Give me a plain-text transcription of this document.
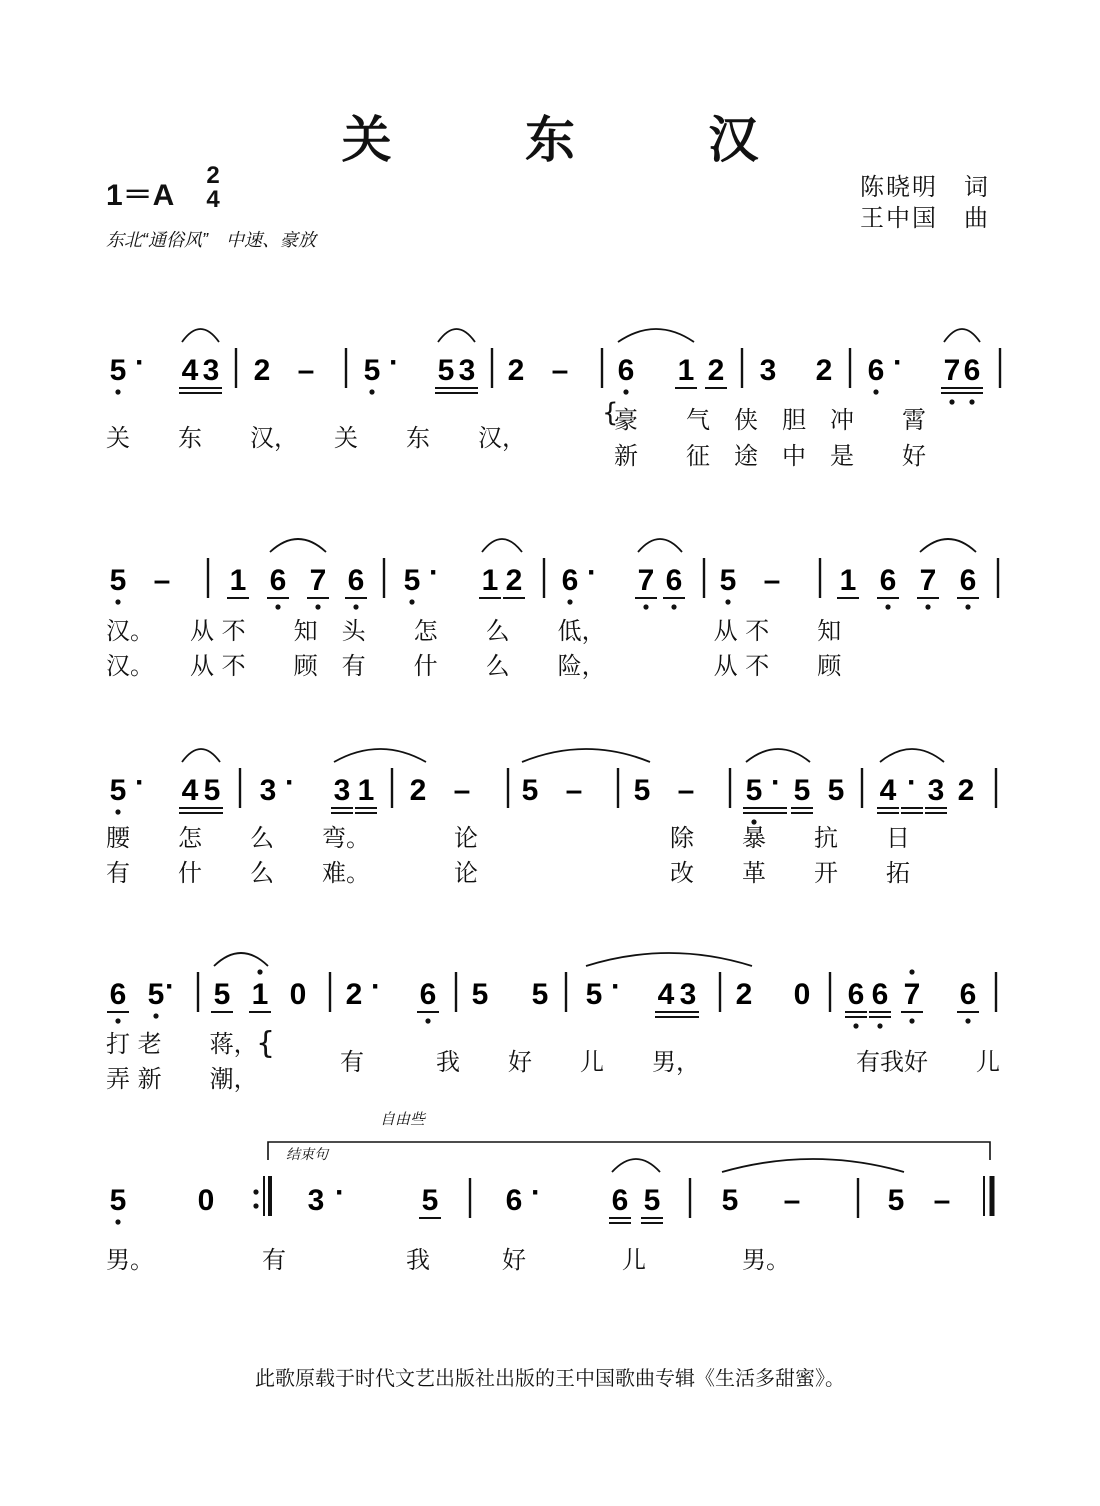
关 东 汉
1＝A
2
4
东北“通俗风”　中速、豪放
陈晓明　词
王中国　曲
5 · 4 3 2 – 5 · 5 3 2 – 6 1 2 3 2 6 · 7 6
5 – 1 6 7 6 5 · 1 2 6 · 7 6 5 – 1 6 7 6
5 · 4 5 3 · 3 1 2 – 5 – 5 – 5 · 5 5 4 · 3 2
6 5 · 5 1 0 2 · 6 5 5 5 · 4 3 2 0 6 6 7 6
5 0	3 ·	5 6 · 6 5 5 –	5 –
关　　东　　汉，　　关　　东　　汉，
{
豪　　气　侠　胆　冲　　霄
新　　征　途　中　是　　好
汉。　　从 不　　知　头　　怎　　么　　低，　　　　　从 不　　知
汉。　　从 不　　顾　有　　什　　么　　险，　　　　　从 不　　顾
腰　　怎　　么　　弯。　　　　论　　　　　　　　除　　暴　　抗　　日
有　　什　　么　　难。　　　　论　　　　　　　　改　　革　　开　　拓
打 老　　蒋，
弄 新　　潮，
{
有　　　我　　好　　儿　　男，　　　　　　　有我好　　儿
男。　　　　　有　　　　　我　　　好　　　　儿　　　　男。
自由些
结束句
此歌原载于时代文艺出版社出版的王中国歌曲专辑《生活多甜蜜》。
